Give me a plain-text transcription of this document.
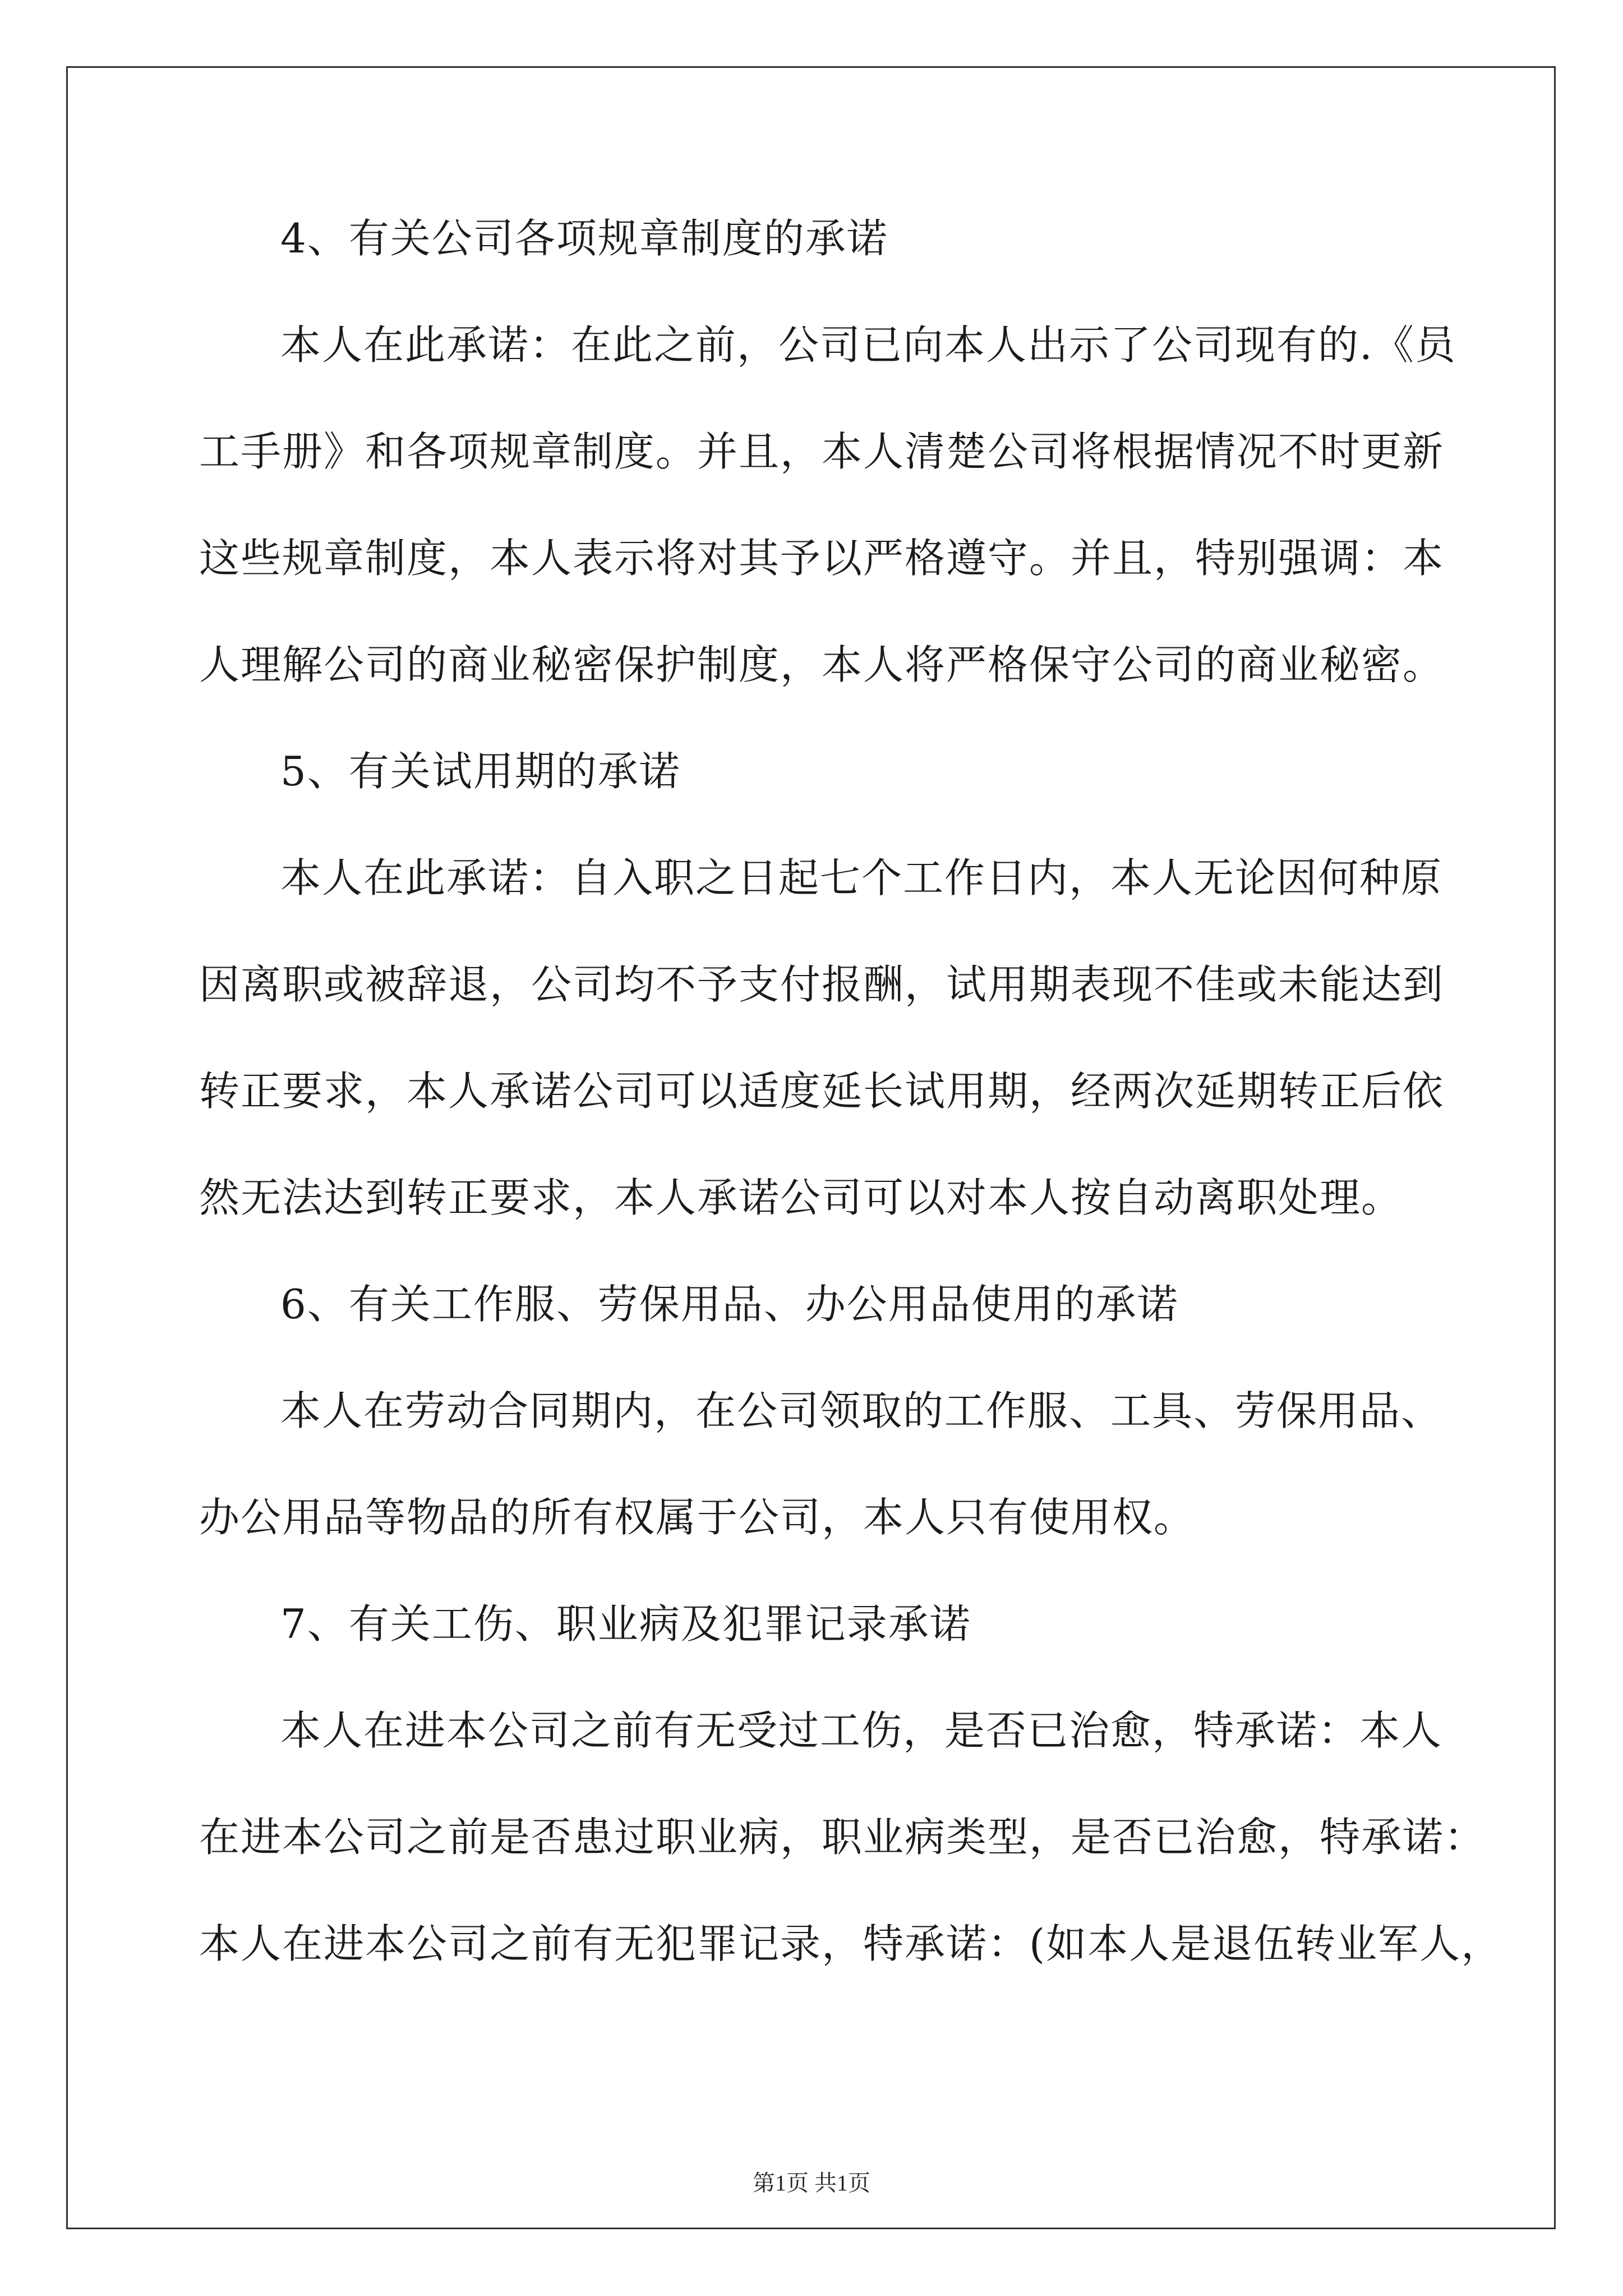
4、有关公司各项规章制度的承诺
本人在此承诺：在此之前，公司已向本人出示了公司现有的.《员
工手册》和各项规章制度。并且，本人清楚公司将根据情况不时更新
这些规章制度，本人表示将对其予以严格遵守。并且，特别强调：本
人理解公司的商业秘密保护制度，本人将严格保守公司的商业秘密。
5、有关试用期的承诺
本人在此承诺：自入职之日起七个工作日内，本人无论因何种原
因离职或被辞退，公司均不予支付报酬，试用期表现不佳或未能达到
转正要求，本人承诺公司可以适度延长试用期，经两次延期转正后依
然无法达到转正要求，本人承诺公司可以对本人按自动离职处理。
6、有关工作服、劳保用品、办公用品使用的承诺
本人在劳动合同期内，在公司领取的工作服、工具、劳保用品、
办公用品等物品的所有权属于公司，本人只有使用权。
7、有关工伤、职业病及犯罪记录承诺
本人在进本公司之前有无受过工伤，是否已治愈，特承诺：本人
在进本公司之前是否患过职业病，职业病类型，是否已治愈，特承诺：
本人在进本公司之前有无犯罪记录，特承诺：(如本人是退伍转业军人，
第1页 共1页
